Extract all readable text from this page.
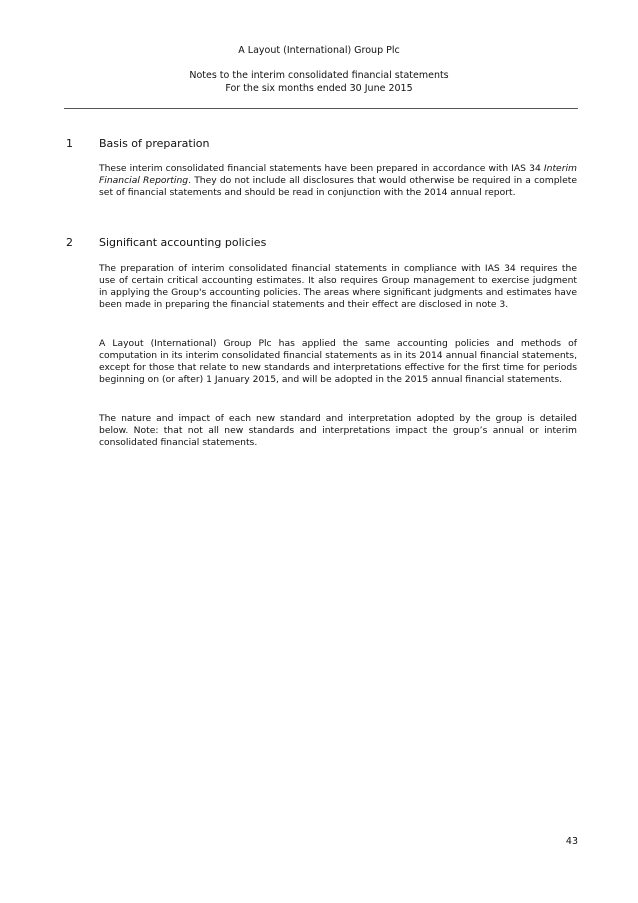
A Layout (International) Group Plc
Notes to the interim consolidated financial statements
For the six months ended 30 June 2015
1 Basis of preparation
These interim consolidated financial statements have been prepared in accordance with IAS 34 Interim Financial Reporting. They do not include all disclosures that would otherwise be required in a complete set of financial statements and should be read in conjunction with the 2014 annual report.
2 Significant accounting policies
The preparation of interim consolidated financial statements in compliance with IAS 34 requires the use of certain critical accounting estimates. It also requires Group management to exercise judgment in applying the Group's accounting policies. The areas where significant judgments and estimates have been made in preparing the financial statements and their effect are disclosed in note 3.
A Layout (International) Group Plc has applied the same accounting policies and methods of computation in its interim consolidated financial statements as in its 2014 annual financial statements, except for those that relate to new standards and interpretations effective for the first time for periods beginning on (or after) 1 January 2015, and will be adopted in the 2015 annual financial statements.
The nature and impact of each new standard and interpretation adopted by the group is detailed below. Note: that not all new standards and interpretations impact the group’s annual or interim consolidated financial statements.
43
